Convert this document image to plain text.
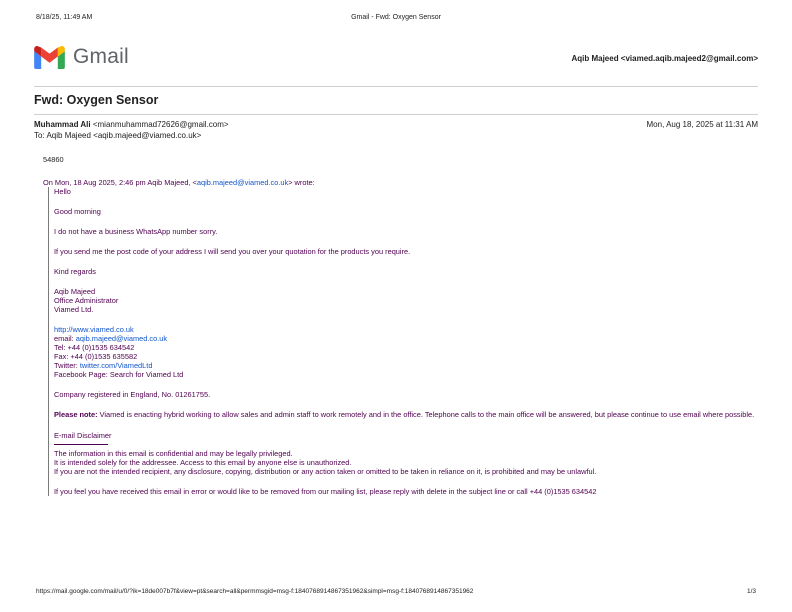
8/18/25, 11:49 AM	Gmail - Fwd: Oxygen Sensor
Gmail	Aqib Majeed <viamed.aqib.majeed2@gmail.com>
Fwd: Oxygen Sensor
Muhammad Ali <mianmuhammad72626@gmail.com>	Mon, Aug 18, 2025 at 11:31 AM
To: Aqib Majeed <aqib.majeed@viamed.co.uk>
54860
On Mon, 18 Aug 2025, 2:46 pm Aqib Majeed, <aqib.majeed@viamed.co.uk> wrote:

Hello

Good morning

I do not have a business WhatsApp number sorry.

If you send me the post code of your address I will send you over your quotation for the products you require.

Kind regards

Aqib Majeed
Office Administrator
Viamed Ltd.
http://www.viamed.co.uk
email: aqib.majeed@viamed.co.uk
Tel: +44 (0)1535 634542
Fax: +44 (0)1535 635582
Twitter: twitter.com/ViamedLtd
Facebook Page: Search for Viamed Ltd

Company registered in England, No. 01261755.

Please note: Viamed is enacting hybrid working to allow sales and admin staff to work remotely and in the office. Telephone calls to the main office will be answered, but please continue to use email where possible.

E-mail Disclaimer
The information in this email is confidential and may be legally privileged.
It is intended solely for the addressee. Access to this email by anyone else is unauthorized.
If you are not the intended recipient, any disclosure, copying, distribution or any action taken or omitted to be taken in reliance on it, is prohibited and may be unlawful.
If you feel you have received this email in error or would like to be removed from our mailing list, please reply with delete in the subject line or call +44 (0)1535 634542
https://mail.google.com/mail/u/0/?ik=18de007b7f&view=pt&search=all&permmsgid=msg-f:1840768914867351962&simpl=msg-f:1840768914867351962	1/3
